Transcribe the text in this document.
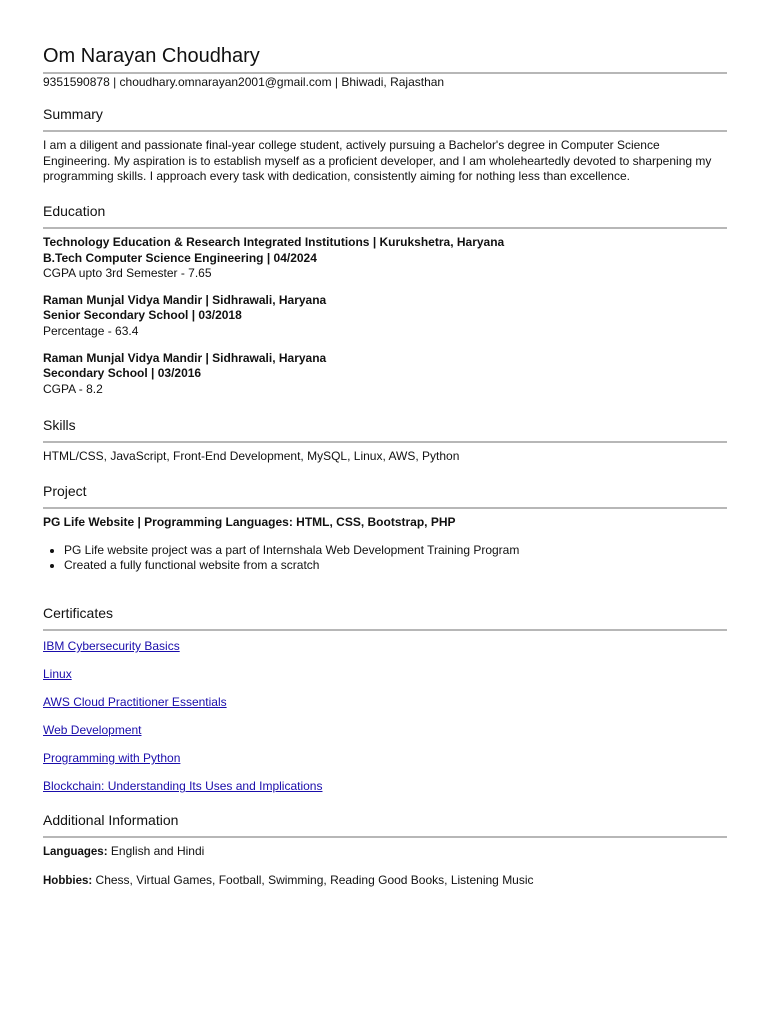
Om Narayan Choudhary

9351590878 | choudhary.omnarayan2001@gmail.com | Bhiwadi, Rajasthan

Summary

I am a diligent and passionate final-year college student, actively pursuing a Bachelor's degree in Computer Science Engineering. My aspiration is to establish myself as a proficient developer, and I am wholeheartedly devoted to sharpening my programming skills. I approach every task with dedication, consistently aiming for nothing less than excellence.

Education

Technology Education & Research Integrated Institutions | Kurukshetra, Haryana

B.Tech Computer Science Engineering | 04/2024

CGPA upto 3rd Semester - 7.65

Raman Munjal Vidya Mandir | Sidhrawali, Haryana

Senior Secondary School | 03/2018

Percentage - 63.4

Raman Munjal Vidya Mandir | Sidhrawali, Haryana

Secondary School | 03/2016

CGPA - 8.2

Skills

HTML/CSS, JavaScript, Front-End Development, MySQL, Linux, AWS, Python

Project

PG Life Website | Programming Languages: HTML, CSS, Bootstrap, PHP

• PG Life website project was a part of Internshala Web Development Training Program
• Created a fully functional website from a scratch
Certificates
IBM Cybersecurity Basics
Linux
AWS Cloud Practitioner Essentials
Web Development
Programming with Python
Blockchain: Understanding Its Uses and Implications
Additional Information

Languages: English and Hindi

Hobbies: Chess, Virtual Games, Football, Swimming, Reading Good Books, Listening Music
